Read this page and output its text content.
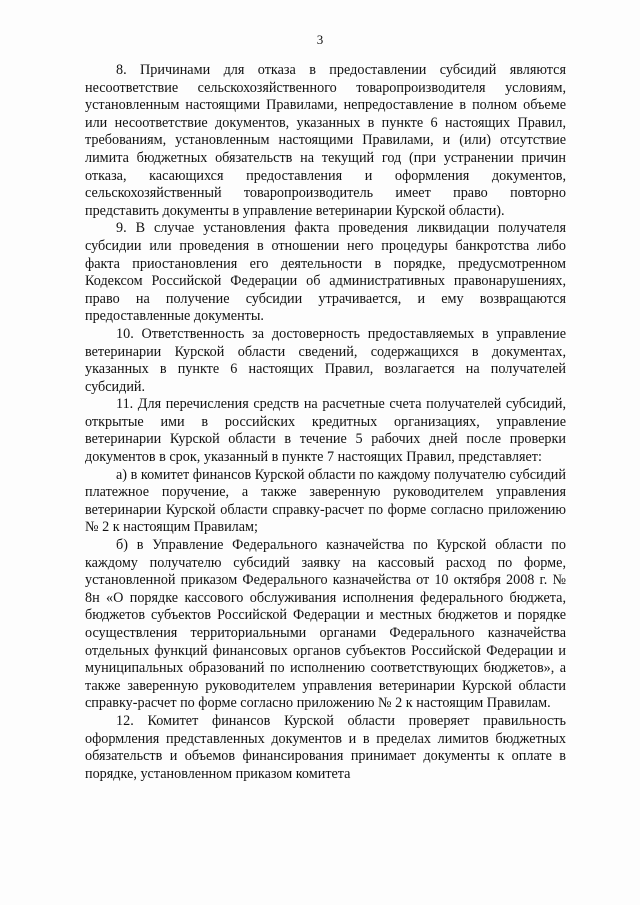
3

8. Причинами для отказа в предоставлении субсидий являются несоответствие сельскохозяйственного товаропроизводителя условиям, установленным настоящими Правилами, непредоставление в полном объеме или несоответствие документов, указанных в пункте 6 настоящих Правил, требованиям, установленным настоящими Правилами, и (или) отсутствие лимита бюджетных обязательств на текущий год (при устранении причин отказа, касающихся предоставления и оформления документов, сельскохозяйственный товаропроизводитель имеет право повторно представить документы в управление ветеринарии Курской области).

9. В случае установления факта проведения ликвидации получателя субсидии или проведения в отношении него процедуры банкротства либо факта приостановления его деятельности в порядке, предусмотренном Кодексом Российской Федерации об административных правонарушениях, право на получение субсидии утрачивается, и ему возвращаются предоставленные документы.

10. Ответственность за достоверность предоставляемых в управление ветеринарии Курской области сведений, содержащихся в документах, указанных в пункте 6 настоящих Правил, возлагается на получателей субсидий.

11. Для перечисления средств на расчетные счета получателей субсидий, открытые ими в российских кредитных организациях, управление ветеринарии Курской области в течение 5 рабочих дней после проверки документов в срок, указанный в пункте 7 настоящих Правил, представляет:

а) в комитет финансов Курской области по каждому получателю субсидий платежное поручение, а также заверенную руководителем управления ветеринарии Курской области справку-расчет по форме согласно приложению № 2 к настоящим Правилам;

б) в Управление Федерального казначейства по Курской области по каждому получателю субсидий заявку на кассовый расход по форме, установленной приказом Федерального казначейства от 10 октября 2008 г. № 8н «О порядке кассового обслуживания исполнения федерального бюджета, бюджетов субъектов Российской Федерации и местных бюджетов и порядке осуществления территориальными органами Федерального казначейства отдельных функций финансовых органов субъектов Российской Федерации и муниципальных образований по исполнению соответствующих бюджетов», а также заверенную руководителем управления ветеринарии Курской области справку-расчет по форме согласно приложению № 2 к настоящим Правилам.

12. Комитет финансов Курской области проверяет правильность оформления представленных документов и в пределах лимитов бюджетных обязательств и объемов финансирования принимает документы к оплате в порядке, установленном приказом комитета
